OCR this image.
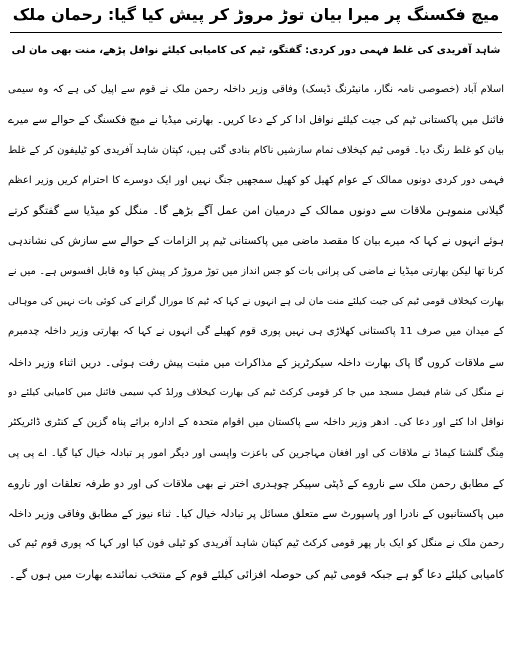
میچ فکسنگ پر میرا بیان توڑ مروڑ کر پیش کیا گیا: رحمان ملک
شاہد آفریدی کی غلط فہمی دور کردی: گفتگو، ٹیم کی کامیابی کیلئے نوافل پڑھے، منت بھی مان لی
اسلام آباد (خصوصی نامہ نگار، مانیٹرنگ ڈیسک) وفاقی وزیر داخلہ رحمن ملک نے قوم سے اپیل کی ہے کہ وہ سیمی
فائنل میں پاکستانی ٹیم کی جیت کیلئے نوافل ادا کر کے دعا کریں۔ بھارتی میڈیا نے میچ فکسنگ کے حوالے سے میرے
بیان کو غلط رنگ دیا۔ قومی ٹیم کیخلاف تمام سازشیں ناکام بنادی گئی ہیں، کپتان شاہد آفریدی کو ٹیلیفون کر کے غلط
فہمی دور کردی دونوں ممالک کے عوام کھیل کو کھیل سمجھیں جنگ نہیں اور ایک دوسرے کا احترام کریں وزیر اعظم
گیلانی منموہن ملاقات سے دونوں ممالک کے درمیان امن عمل آگے بڑھے گا۔ منگل کو میڈیا سے گفتگو کرتے
ہوئے انہوں نے کہا کہ میرے بیان کا مقصد ماضی میں پاکستانی ٹیم پر الزامات کے حوالے سے سازش کی نشاندہی
کرنا تھا لیکن بھارتی میڈیا نے ماضی کی پرانی بات کو جس انداز میں توڑ مروڑ کر پیش کیا وہ قابل افسوس ہے۔ میں نے
بھارت کیخلاف قومی ٹیم کی جیت کیلئے منت مان لی ہے انہوں نے کہا کہ ٹیم کا مورال گرانے کی کوئی بات نہیں کی موہالی
کے میدان میں صرف 11 پاکستانی کھلاڑی ہی نہیں پوری قوم کھیلے گی انہوں نے کہا کہ بھارتی وزیر داخلہ چدمبرم
سے ملاقات کروں گا پاک بھارت داخلہ سیکرٹریز کے مذاکرات میں مثبت پیش رفت ہوئی۔ دریں اثناء وزیر داخلہ
نے منگل کی شام فیصل مسجد میں جا کر قومی کرکٹ ٹیم کی بھارت کیخلاف ورلڈ کپ سیمی فائنل میں کامیابی کیلئے دو
نوافل ادا کئے اور دعا کی۔ ادھر وزیر داخلہ سے پاکستان میں اقوام متحدہ کے ادارہ برائے پناہ گزین کے کنٹری ڈائریکٹر
مِنگ گلشنا کیماڈ نے ملاقات کی اور افغان مہاجرین کی باعزت واپسی اور دیگر امور پر تبادلہ خیال کیا گیا۔ اے پی پی
کے مطابق رحمن ملک سے ناروے کے ڈپٹی سپیکر چوہدری اختر نے بھی ملاقات کی اور دو طرفہ تعلقات اور ناروے
میں پاکستانیوں کے نادرا اور پاسپورٹ سے متعلق مسائل پر تبادلہ خیال کیا۔ ثناء نیوز کے مطابق وفاقی وزیر داخلہ
رحمن ملک نے منگل کو ایک بار پھر قومی کرکٹ ٹیم کپتان شاہد آفریدی کو ٹیلی فون کیا اور کہا کہ پوری قوم ٹیم کی
کامیابی کیلئے دعا گو ہے جبکہ قومی ٹیم کی حوصلہ افزائی کیلئے قوم کے منتخب نمائندے بھارت میں ہوں گے۔
